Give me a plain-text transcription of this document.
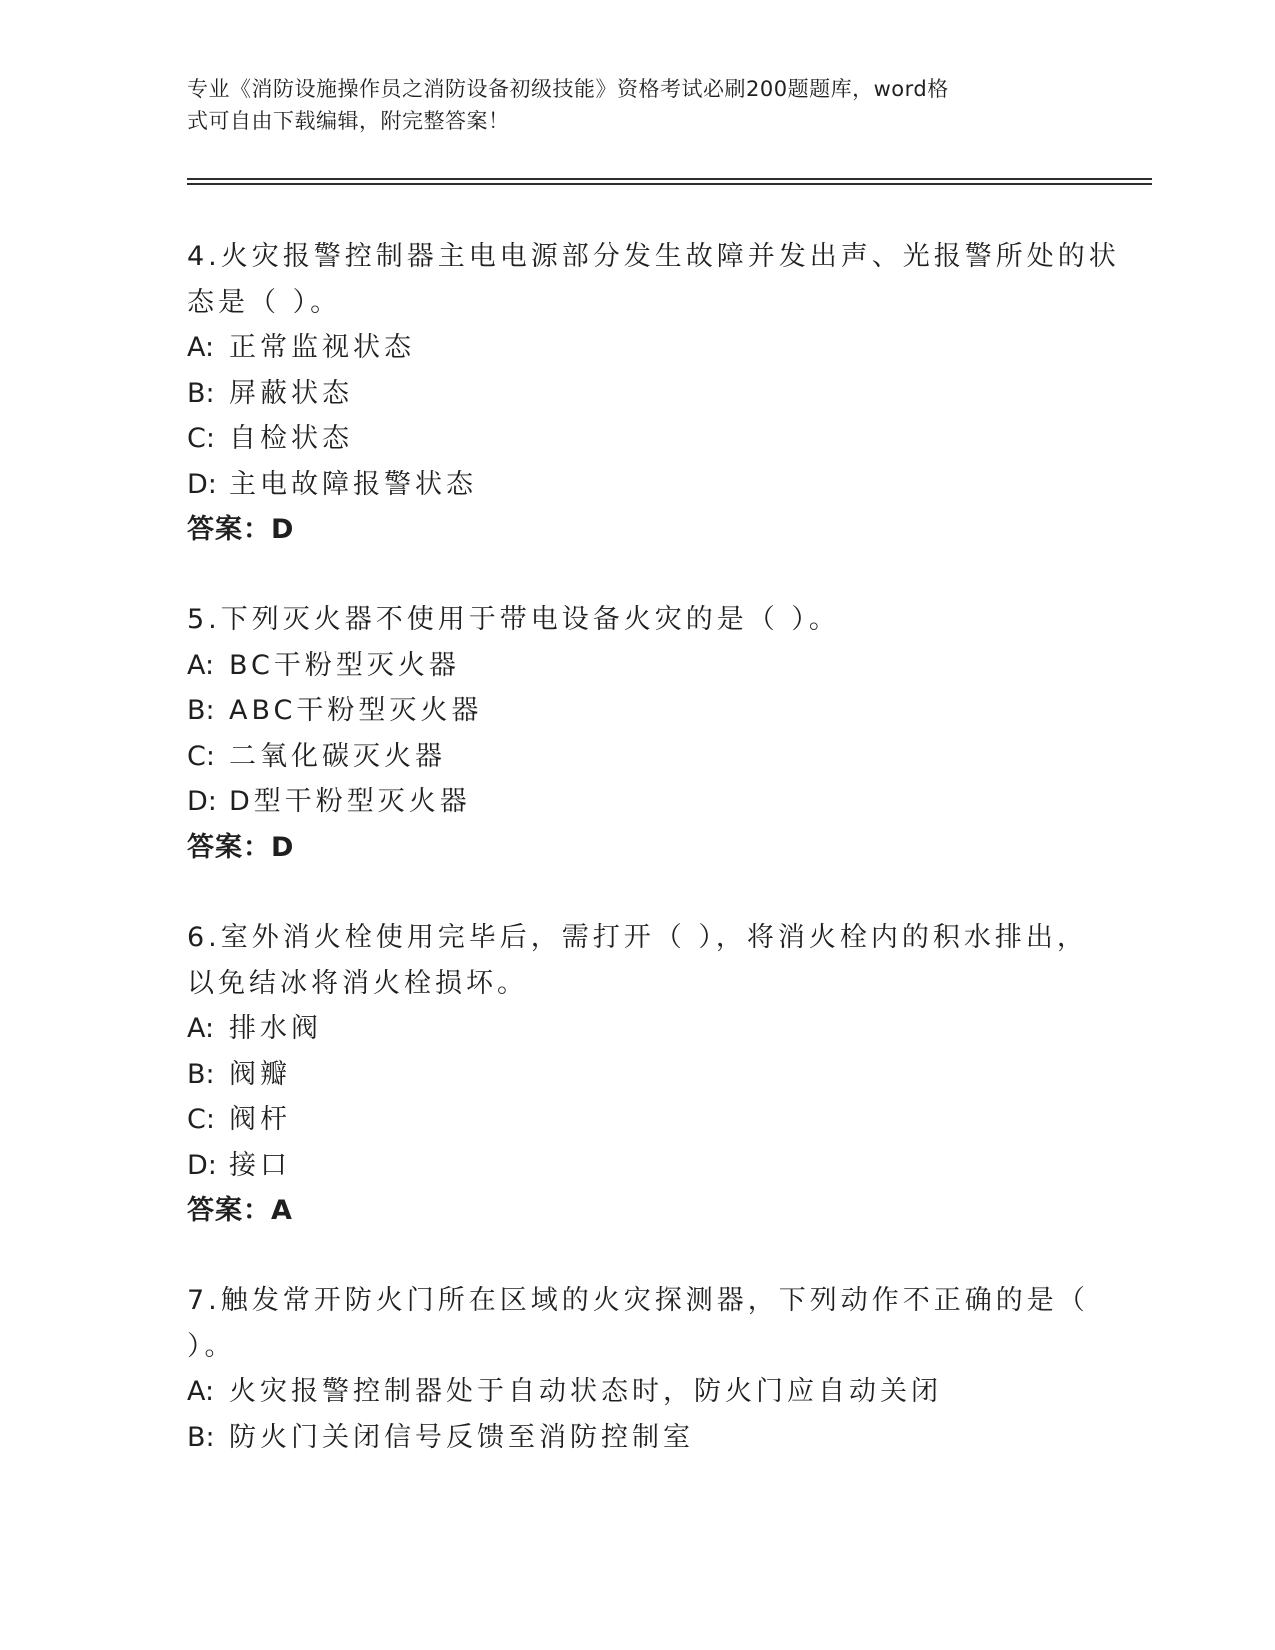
专业《消防设施操作员之消防设备初级技能》资格考试必刷200题题库，word格
式可自由下载编辑，附完整答案！
4.火灾报警控制器主电电源部分发生故障并发出声、光报警所处的状
态是（ ）。
A: 正常监视状态
B: 屏蔽状态
C: 自检状态
D: 主电故障报警状态
答案：D
5.下列灭火器不使用于带电设备火灾的是（ ）。
A: BC干粉型灭火器
B: ABC干粉型灭火器
C: 二氧化碳灭火器
D: D型干粉型灭火器
答案：D
6.室外消火栓使用完毕后，需打开（ ），将消火栓内的积水排出，
以免结冰将消火栓损坏。
A: 排水阀
B: 阀瓣
C: 阀杆
D: 接口
答案：A
7.触发常开防火门所在区域的火灾探测器，下列动作不正确的是（
）。
A: 火灾报警控制器处于自动状态时，防火门应自动关闭
B: 防火门关闭信号反馈至消防控制室
